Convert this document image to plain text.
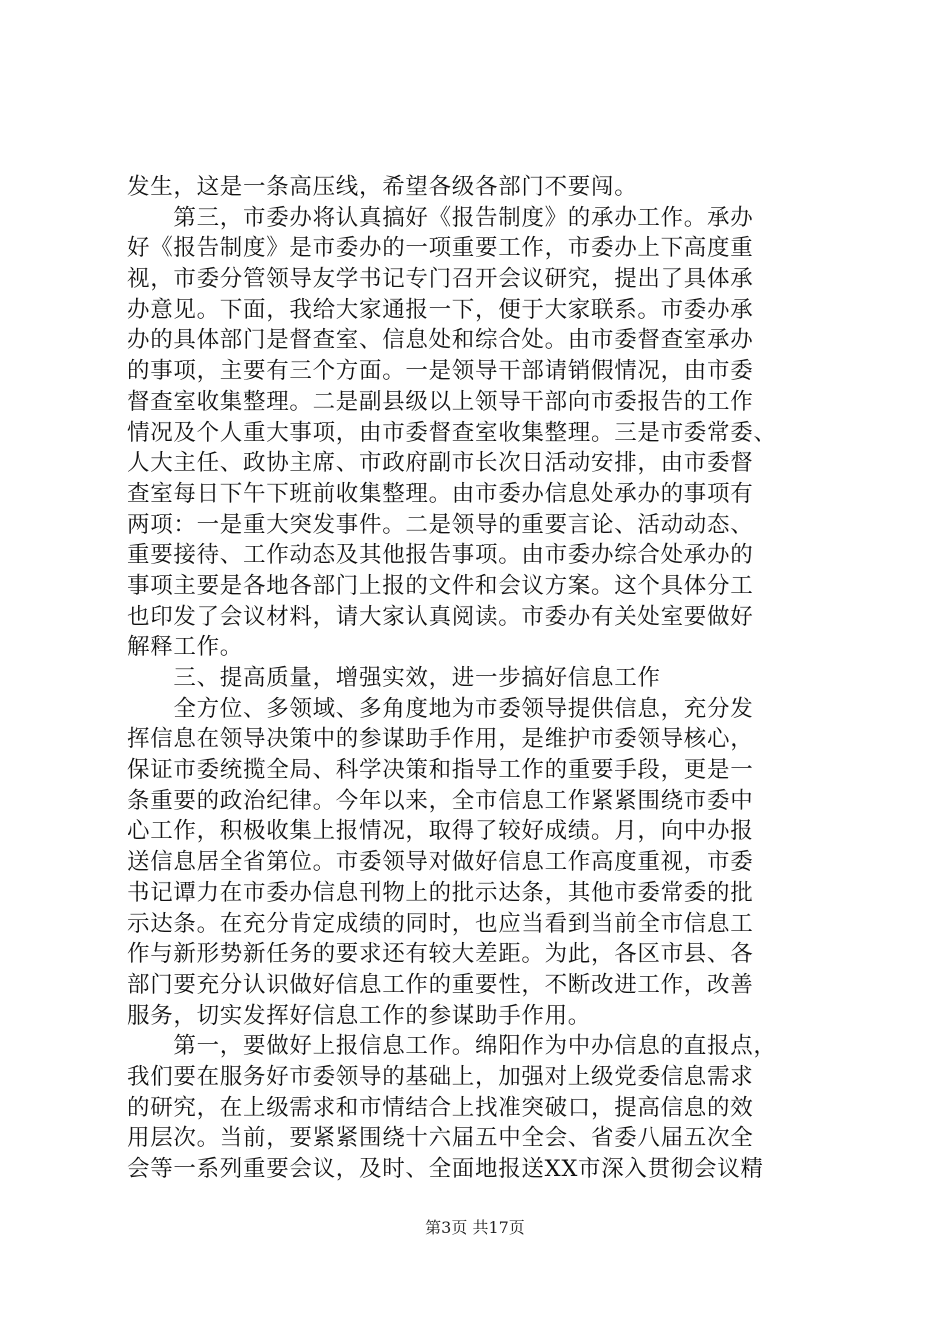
发生，这是一条高压线，希望各级各部门不要闯。
　　第三，市委办将认真搞好《报告制度》的承办工作。承办
好《报告制度》是市委办的一项重要工作，市委办上下高度重
视，市委分管领导友学书记专门召开会议研究，提出了具体承
办意见。下面，我给大家通报一下，便于大家联系。市委办承
办的具体部门是督查室、信息处和综合处。由市委督查室承办
的事项，主要有三个方面。一是领导干部请销假情况，由市委
督查室收集整理。二是副县级以上领导干部向市委报告的工作
情况及个人重大事项，由市委督查室收集整理。三是市委常委、
人大主任、政协主席、市政府副市长次日活动安排，由市委督
查室每日下午下班前收集整理。由市委办信息处承办的事项有
两项：一是重大突发事件。二是领导的重要言论、活动动态、
重要接待、工作动态及其他报告事项。由市委办综合处承办的
事项主要是各地各部门上报的文件和会议方案。这个具体分工
也印发了会议材料，请大家认真阅读。市委办有关处室要做好
解释工作。
　　三、提高质量，增强实效，进一步搞好信息工作
　　全方位、多领域、多角度地为市委领导提供信息，充分发
挥信息在领导决策中的参谋助手作用，是维护市委领导核心，
保证市委统揽全局、科学决策和指导工作的重要手段，更是一
条重要的政治纪律。今年以来，全市信息工作紧紧围绕市委中
心工作，积极收集上报情况，取得了较好成绩。月，向中办报
送信息居全省第位。市委领导对做好信息工作高度重视，市委
书记谭力在市委办信息刊物上的批示达条，其他市委常委的批
示达条。在充分肯定成绩的同时，也应当看到当前全市信息工
作与新形势新任务的要求还有较大差距。为此，各区市县、各
部门要充分认识做好信息工作的重要性，不断改进工作，改善
服务，切实发挥好信息工作的参谋助手作用。
　　第一，要做好上报信息工作。绵阳作为中办信息的直报点，
我们要在服务好市委领导的基础上，加强对上级党委信息需求
的研究，在上级需求和市情结合上找准突破口，提高信息的效
用层次。当前，要紧紧围绕十六届五中全会、省委八届五次全
会等一系列重要会议，及时、全面地报送XX市深入贯彻会议精
第3页 共17页
